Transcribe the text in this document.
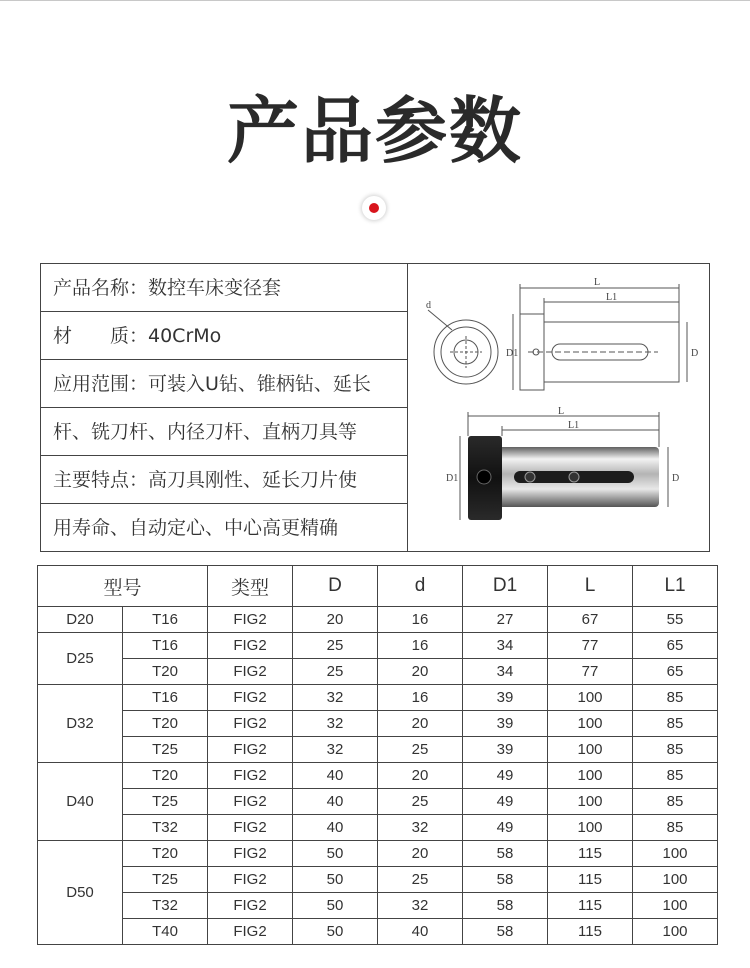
产品参数
产品名称：数控车床变径套
材　　质：40CrMo
应用范围：可装入U钻、锥柄钻、延长
杆、铣刀杆、内径刀杆、直柄刀具等
主要特点：高刀具刚性、延长刀片使
用寿命、自动定心、中心高更精确
d
L
L1
D
D1
L
L1
D1	D
型号		类型	D	d	D1	L	L1
D20	T16	FIG2	20	16	27	67	55
D25	T16	FIG2	25	16	34	77	65
	T20	FIG2	25	20	34	77	65
D32	T16	FIG2	32	16	39	100	85
	T20	FIG2	32	20	39	100	85
	T25	FIG2	32	25	39	100	85
D40	T20	FIG2	40	20	49	100	85
	T25	FIG2	40	25	49	100	85
	T32	FIG2	40	32	49	100	85
D50	T20	FIG2	50	20	58	115	100
	T25	FIG2	50	25	58	115	100
	T32	FIG2	50	32	58	115	100
	T40	FIG2	50	40	58	115	100
